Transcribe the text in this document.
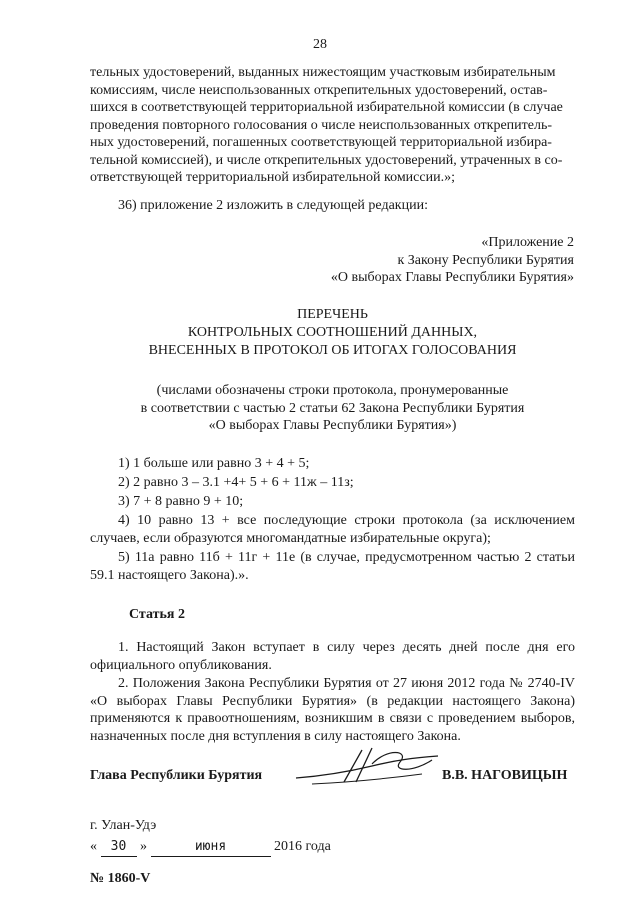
28
тельных удостоверений, выданных нижестоящим участковым избирательным
комиссиям, числе неиспользованных открепительных удостоверений, остав-
шихся в соответствующей территориальной избирательной комиссии (в случае
проведения повторного голосования о числе неиспользованных открепитель-
ных удостоверений, погашенных соответствующей территориальной избира-
тельной комиссией), и числе открепительных удостоверений, утраченных в со-
ответствующей территориальной избирательной комиссии.»;
36) приложение 2 изложить в следующей редакции:
«Приложение 2
к Закону Республики Бурятия
«О выборах Главы Республики Бурятия»
ПЕРЕЧЕНЬ
КОНТРОЛЬНЫХ СООТНОШЕНИЙ ДАННЫХ,
ВНЕСЕННЫХ В ПРОТОКОЛ ОБ ИТОГАХ ГОЛОСОВАНИЯ
(числами обозначены строки протокола, пронумерованные
в соответствии с частью 2 статьи 62 Закона Республики Бурятия
«О выборах Главы Республики Бурятия»)
1) 1 больше или равно 3 + 4 + 5;
2) 2 равно 3 – 3.1 +4+ 5 + 6 + 11ж – 11з;
3) 7 + 8 равно 9 + 10;
4) 10 равно 13 + все последующие строки протокола (за исключением случаев, если образуются многомандатные избирательные округа);
5) 11а равно 11б + 11г + 11е (в случае, предусмотренном частью 2 статьи 59.1 настоящего Закона).».
Статья 2
1. Настоящий Закон вступает в силу через десять дней после дня его официального опубликования.
2. Положения Закона Республики Бурятия от 27 июня 2012 года № 2740-IV «О выборах Главы Республики Бурятия» (в редакции настоящего Закона) применяются к правоотношениям, возникшим в связи с проведением выборов, назначенных после дня вступления в силу настоящего Закона.
Глава Республики Бурятия	В.В. НАГОВИЦЫН
г. Улан-Удэ
« 30 »	июня	2016 года
№ 1860-V
